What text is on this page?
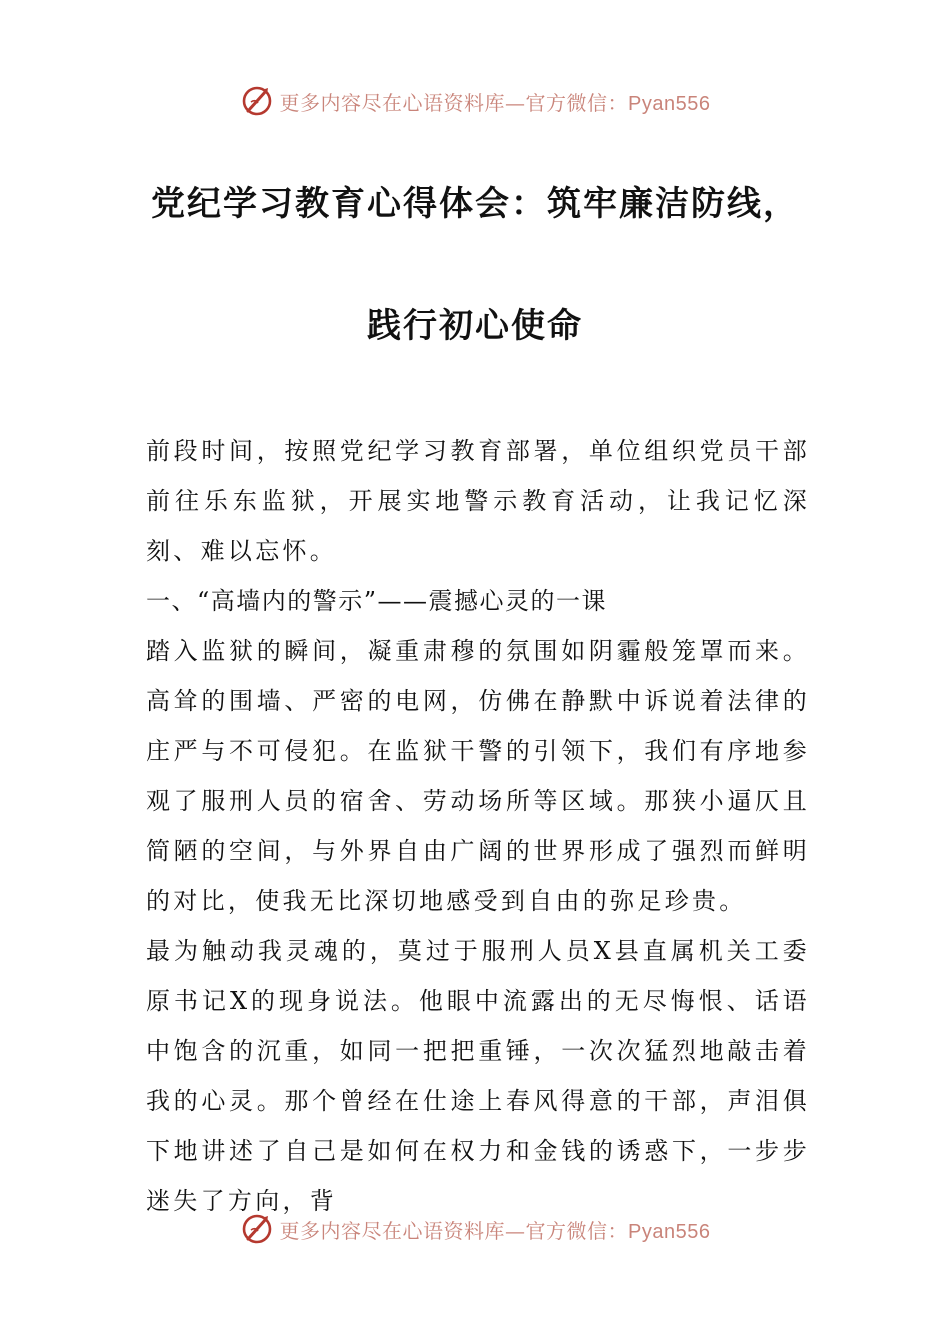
更多内容尽在心语资料库—官方微信：Pyan556
党纪学习教育心得体会：筑牢廉洁防线，
践行初心使命

前段时间，按照党纪学习教育部署，单位组织党员干部前往乐东监狱，开展实地警示教育活动，让我记忆深刻、难以忘怀。

一、“高墙内的警示”——震撼心灵的一课

踏入监狱的瞬间，凝重肃穆的氛围如阴霾般笼罩而来。高耸的围墙、严密的电网，仿佛在静默中诉说着法律的庄严与不可侵犯。在监狱干警的引领下，我们有序地参观了服刑人员的宿舍、劳动场所等区域。那狭小逼仄且简陋的空间，与外界自由广阔的世界形成了强烈而鲜明的对比，使我无比深切地感受到自由的弥足珍贵。

最为触动我灵魂的，莫过于服刑人员X县直属机关工委原书记X的现身说法。他眼中流露出的无尽悔恨、话语中饱含的沉重，如同一把把重锤，一次次猛烈地敲击着我的心灵。那个曾经在仕途上春风得意的干部，声泪俱下地讲述了自己是如何在权力和金钱的诱惑下，一步步迷失了方向，背

更多内容尽在心语资料库—官方微信：Pyan556
